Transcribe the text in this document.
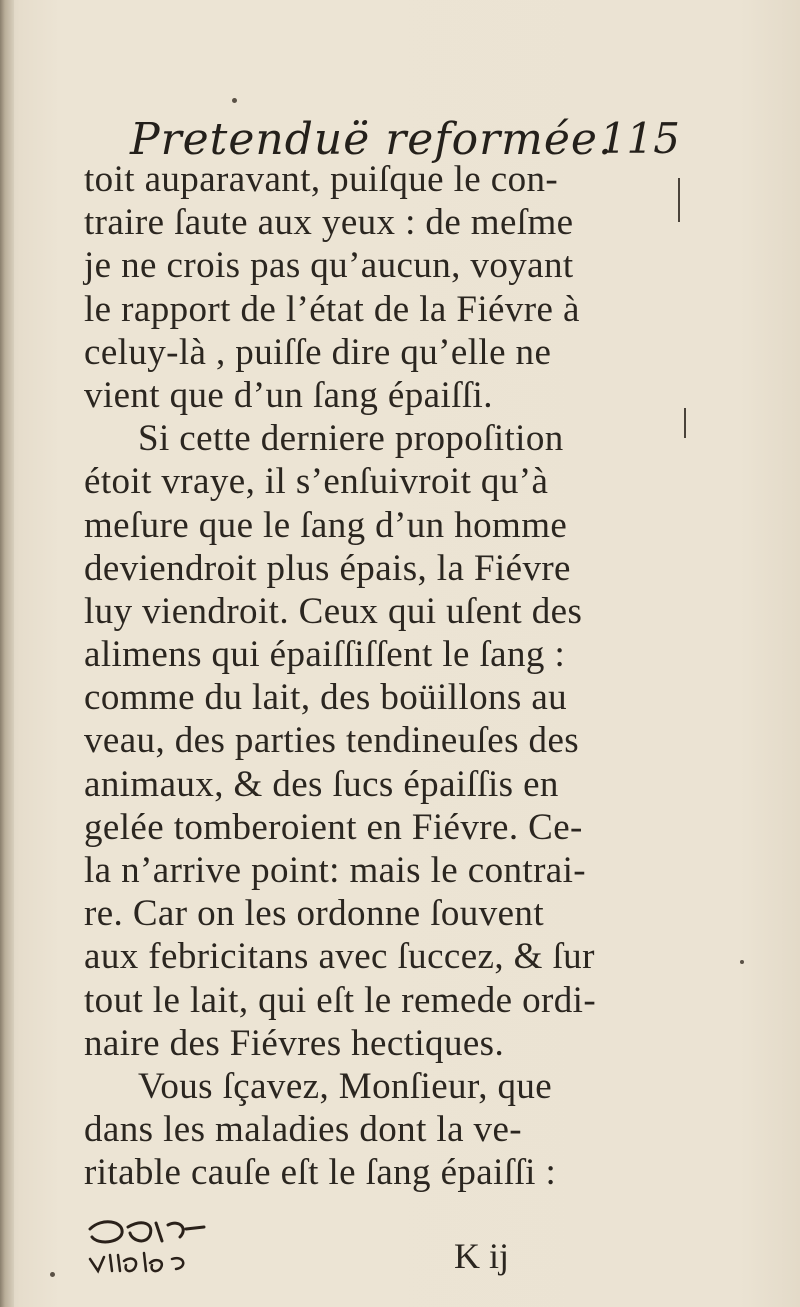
Pretenduë reformée.
115
toit auparavant, puiſque le con-
traire ſaute aux yeux : de meſme
je ne crois pas qu’aucun, voyant
le rapport de l’état de la Fiévre à
celuy-là , puiſſe dire qu’elle ne
vient que d’un ſang épaiſſi.
Si cette derniere propoſition
étoit vraye, il s’enſuivroit qu’à
meſure que le ſang d’un homme
deviendroit plus épais, la Fiévre
luy viendroit. Ceux qui uſent des
alimens qui épaiſſiſſent le ſang :
comme du lait, des boüillons au
veau, des parties tendineuſes des
animaux, & des ſucs épaiſſis en
gelée tomberoient en Fiévre. Ce-
la n’arrive point: mais le contrai-
re. Car on les ordonne ſouvent
aux febricitans avec ſuccez, & ſur
tout le lait, qui eſt le remede ordi-
naire des Fiévres hectiques.
Vous ſçavez, Monſieur, que
dans les maladies dont la ve-
ritable cauſe eſt le ſang épaiſſi :
K ij
